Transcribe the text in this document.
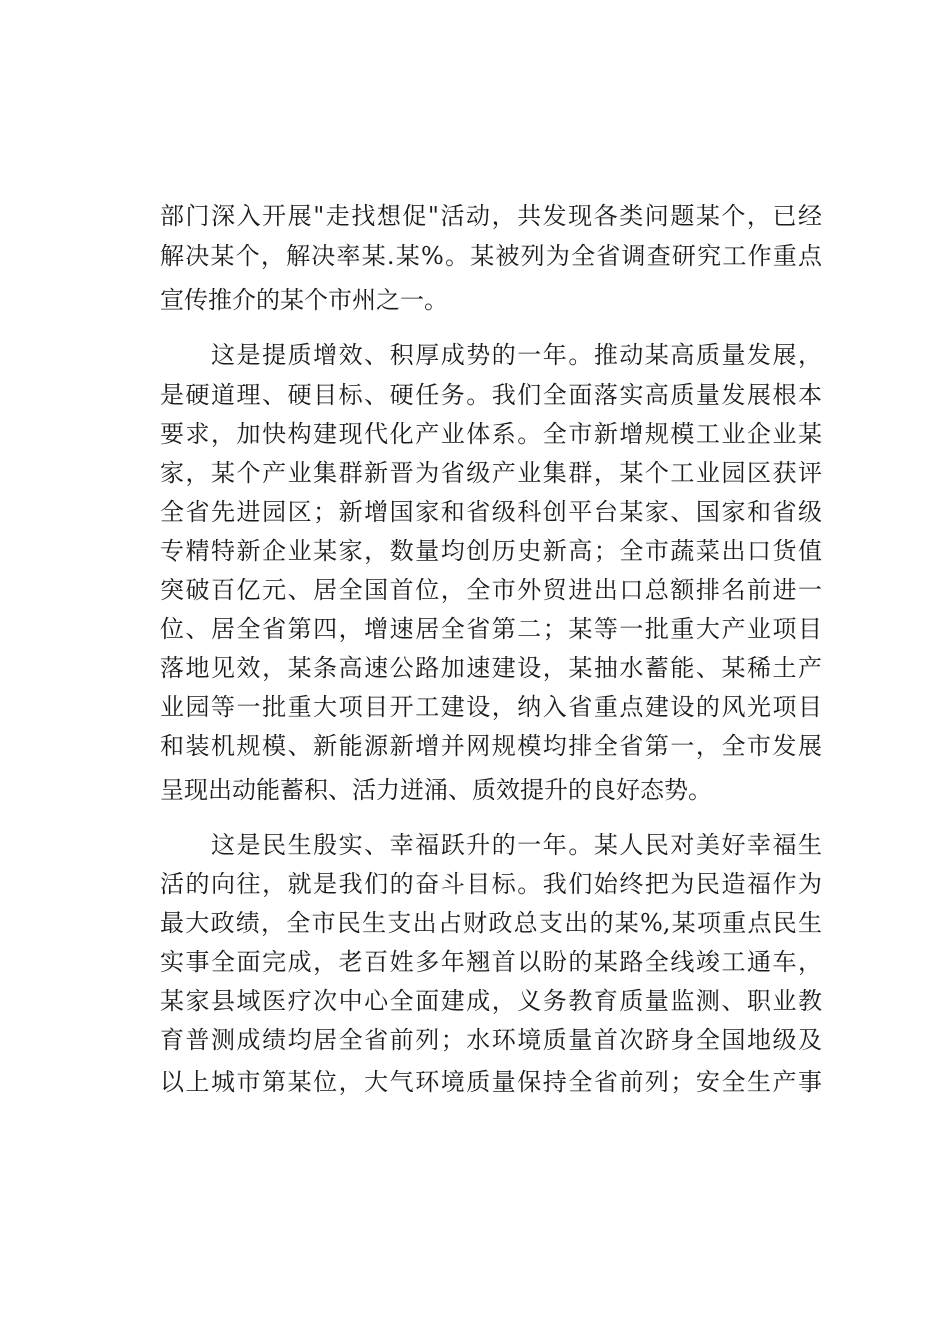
部门深入开展"走找想促"活动，共发现各类问题某个，已经
解决某个，解决率某.某%。某被列为全省调查研究工作重点
宣传推介的某个市州之一。
　　这是提质增效、积厚成势的一年。推动某高质量发展，
是硬道理、硬目标、硬任务。我们全面落实高质量发展根本
要求，加快构建现代化产业体系。全市新增规模工业企业某
家，某个产业集群新晋为省级产业集群，某个工业园区获评
全省先进园区；新增国家和省级科创平台某家、国家和省级
专精特新企业某家，数量均创历史新高；全市蔬菜出口货值
突破百亿元、居全国首位，全市外贸进出口总额排名前进一
位、居全省第四，增速居全省第二；某等一批重大产业项目
落地见效，某条高速公路加速建设，某抽水蓄能、某稀土产
业园等一批重大项目开工建设，纳入省重点建设的风光项目
和装机规模、新能源新增并网规模均排全省第一，全市发展
呈现出动能蓄积、活力迸涌、质效提升的良好态势。
　　这是民生殷实、幸福跃升的一年。某人民对美好幸福生
活的向往，就是我们的奋斗目标。我们始终把为民造福作为
最大政绩，全市民生支出占财政总支出的某%,某项重点民生
实事全面完成，老百姓多年翘首以盼的某路全线竣工通车，
某家县域医疗次中心全面建成，义务教育质量监测、职业教
育普测成绩均居全省前列；水环境质量首次跻身全国地级及
以上城市第某位，大气环境质量保持全省前列；安全生产事
